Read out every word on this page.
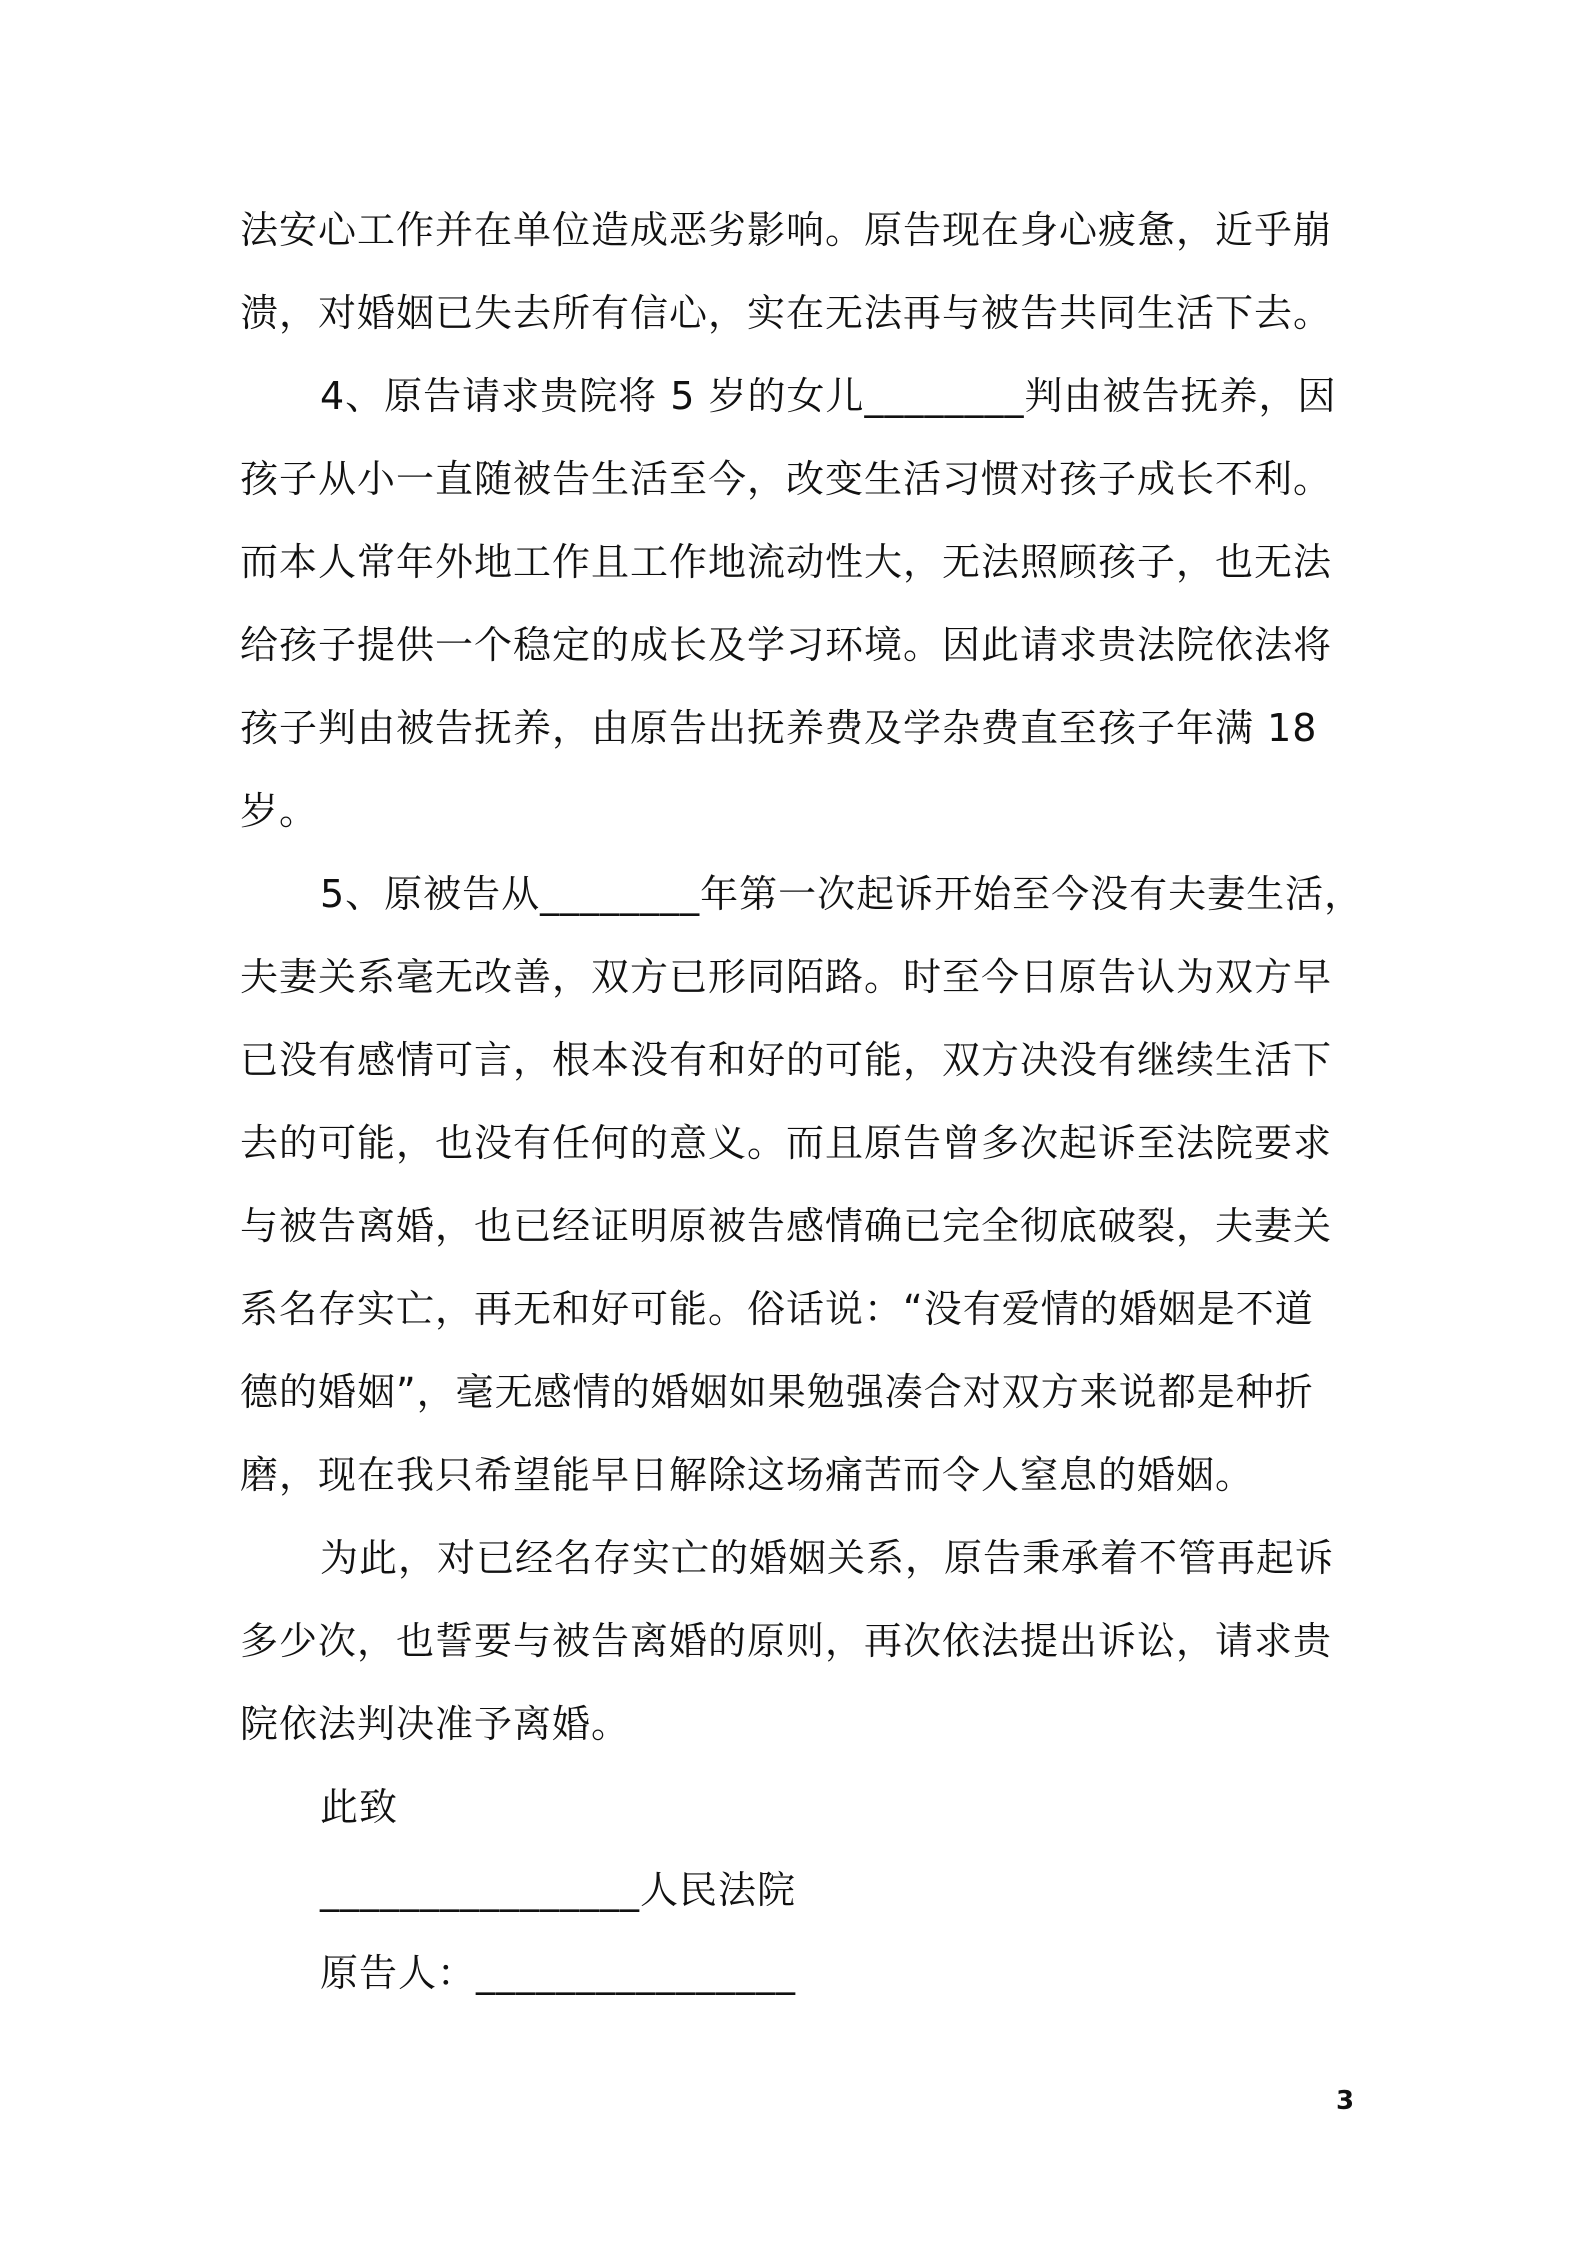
法安心工作并在单位造成恶劣影响。原告现在身心疲惫，近乎崩
溃，对婚姻已失去所有信心，实在无法再与被告共同生活下去。
4、原告请求贵院将 5 岁的女儿________判由被告抚养，因
孩子从小一直随被告生活至今，改变生活习惯对孩子成长不利。
而本人常年外地工作且工作地流动性大，无法照顾孩子，也无法
给孩子提供一个稳定的成长及学习环境。因此请求贵法院依法将
孩子判由被告抚养，由原告出抚养费及学杂费直至孩子年满 18
岁。
5、原被告从________年第一次起诉开始至今没有夫妻生活，
夫妻关系毫无改善，双方已形同陌路。时至今日原告认为双方早
已没有感情可言，根本没有和好的可能，双方决没有继续生活下
去的可能，也没有任何的意义。而且原告曾多次起诉至法院要求
与被告离婚，也已经证明原被告感情确已完全彻底破裂，夫妻关
系名存实亡，再无和好可能。俗话说：“没有爱情的婚姻是不道
德的婚姻”，毫无感情的婚姻如果勉强凑合对双方来说都是种折
磨，现在我只希望能早日解除这场痛苦而令人窒息的婚姻。
为此，对已经名存实亡的婚姻关系，原告秉承着不管再起诉
多少次，也誓要与被告离婚的原则，再次依法提出诉讼，请求贵
院依法判决准予离婚。
此致
________________人民法院
原告人：________________
3
